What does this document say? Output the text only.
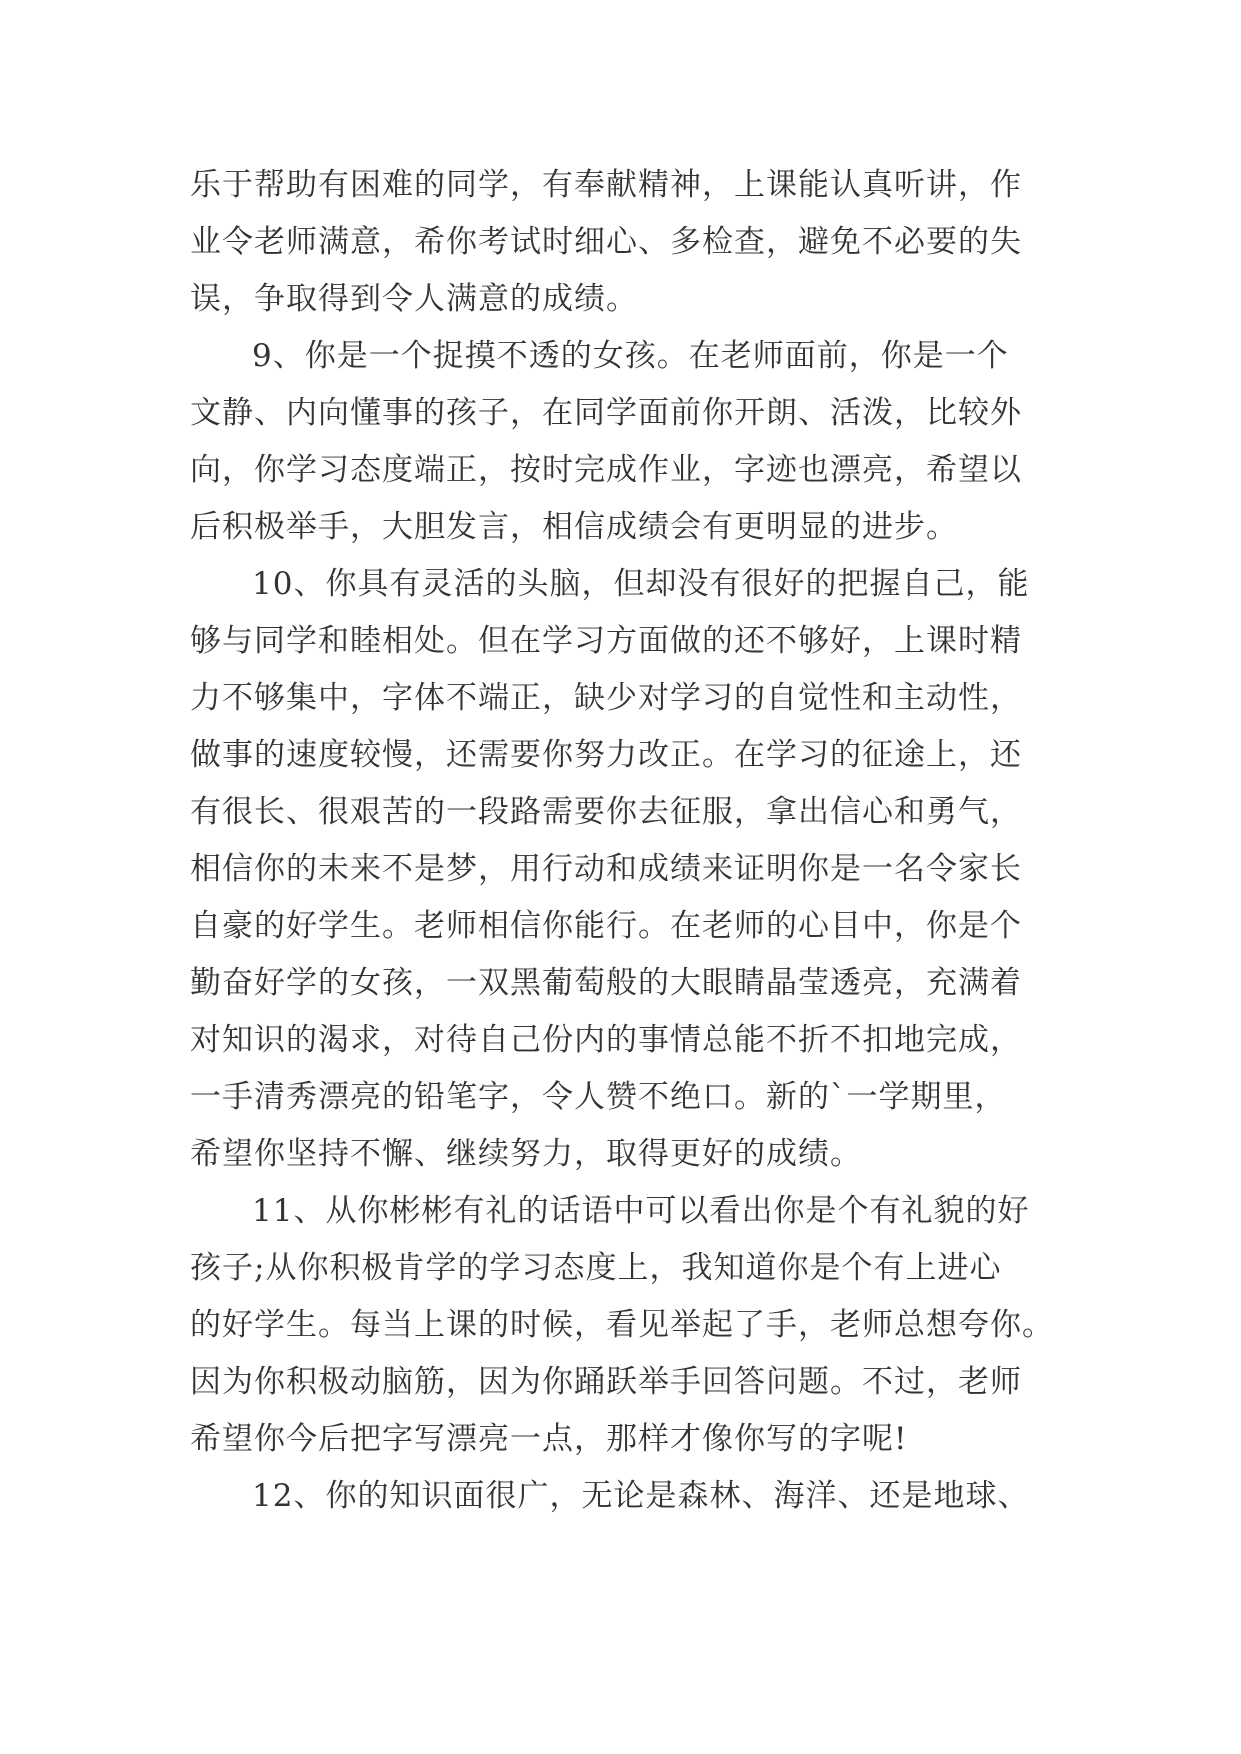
乐于帮助有困难的同学，有奉献精神，上课能认真听讲，作
业令老师满意，希你考试时细心、多检查，避免不必要的失
误，争取得到令人满意的成绩。
9、你是一个捉摸不透的女孩。在老师面前，你是一个
文静、内向懂事的孩子，在同学面前你开朗、活泼，比较外
向，你学习态度端正，按时完成作业，字迹也漂亮，希望以
后积极举手，大胆发言，相信成绩会有更明显的进步。
10、你具有灵活的头脑，但却没有很好的把握自己，能
够与同学和睦相处。但在学习方面做的还不够好，上课时精
力不够集中，字体不端正，缺少对学习的自觉性和主动性，
做事的速度较慢，还需要你努力改正。在学习的征途上，还
有很长、很艰苦的一段路需要你去征服，拿出信心和勇气，
相信你的未来不是梦，用行动和成绩来证明你是一名令家长
自豪的好学生。老师相信你能行。在老师的心目中，你是个
勤奋好学的女孩，一双黑葡萄般的大眼睛晶莹透亮，充满着
对知识的渴求，对待自己份内的事情总能不折不扣地完成，
一手清秀漂亮的铅笔字，令人赞不绝口。新的`一学期里，
希望你坚持不懈、继续努力，取得更好的成绩。
11、从你彬彬有礼的话语中可以看出你是个有礼貌的好
孩子;从你积极肯学的学习态度上，我知道你是个有上进心
的好学生。每当上课的时候，看见举起了手，老师总想夸你。
因为你积极动脑筋，因为你踊跃举手回答问题。不过，老师
希望你今后把字写漂亮一点，那样才像你写的字呢!
12、你的知识面很广，无论是森林、海洋、还是地球、
